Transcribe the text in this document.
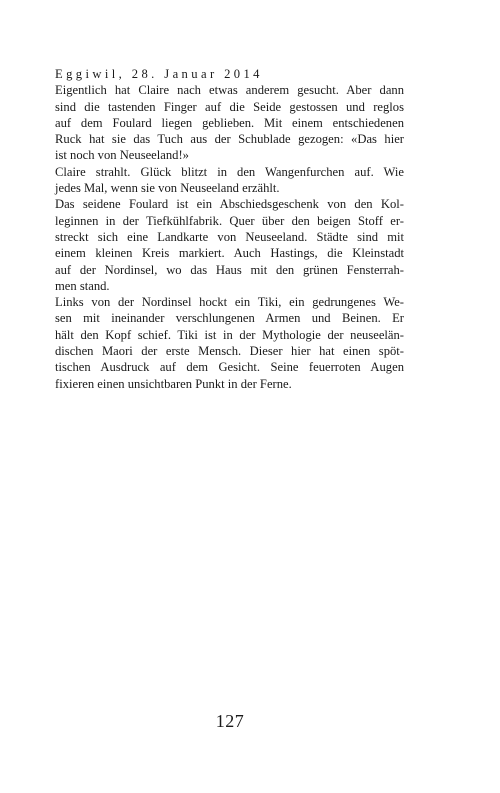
Eggiwil, 28. Januar 2014

Eigentlich hat Claire nach etwas anderem gesucht. Aber dann
sind die tastenden Finger auf die Seide gestossen und reglos
auf dem Foulard liegen geblieben. Mit einem entschiedenen
Ruck hat sie das Tuch aus der Schublade gezogen: «Das hier
ist noch von Neuseeland!»

Claire strahlt. Glück blitzt in den Wangenfurchen auf. Wie
jedes Mal, wenn sie von Neuseeland erzählt.

Das seidene Foulard ist ein Abschiedsgeschenk von den Kol-
leginnen in der Tiefkühlfabrik. Quer über den beigen Stoff er-
streckt sich eine Landkarte von Neuseeland. Städte sind mit
einem kleinen Kreis markiert. Auch Hastings, die Kleinstadt
auf der Nordinsel, wo das Haus mit den grünen Fensterrah-
men stand.

Links von der Nordinsel hockt ein Tiki, ein gedrungenes We-
sen mit ineinander verschlungenen Armen und Beinen. Er
hält den Kopf schief. Tiki ist in der Mythologie der neuseelän-
dischen Maori der erste Mensch. Dieser hier hat einen spöt-
tischen Ausdruck auf dem Gesicht. Seine feuerroten Augen
fixieren einen unsichtbaren Punkt in der Ferne.

127
